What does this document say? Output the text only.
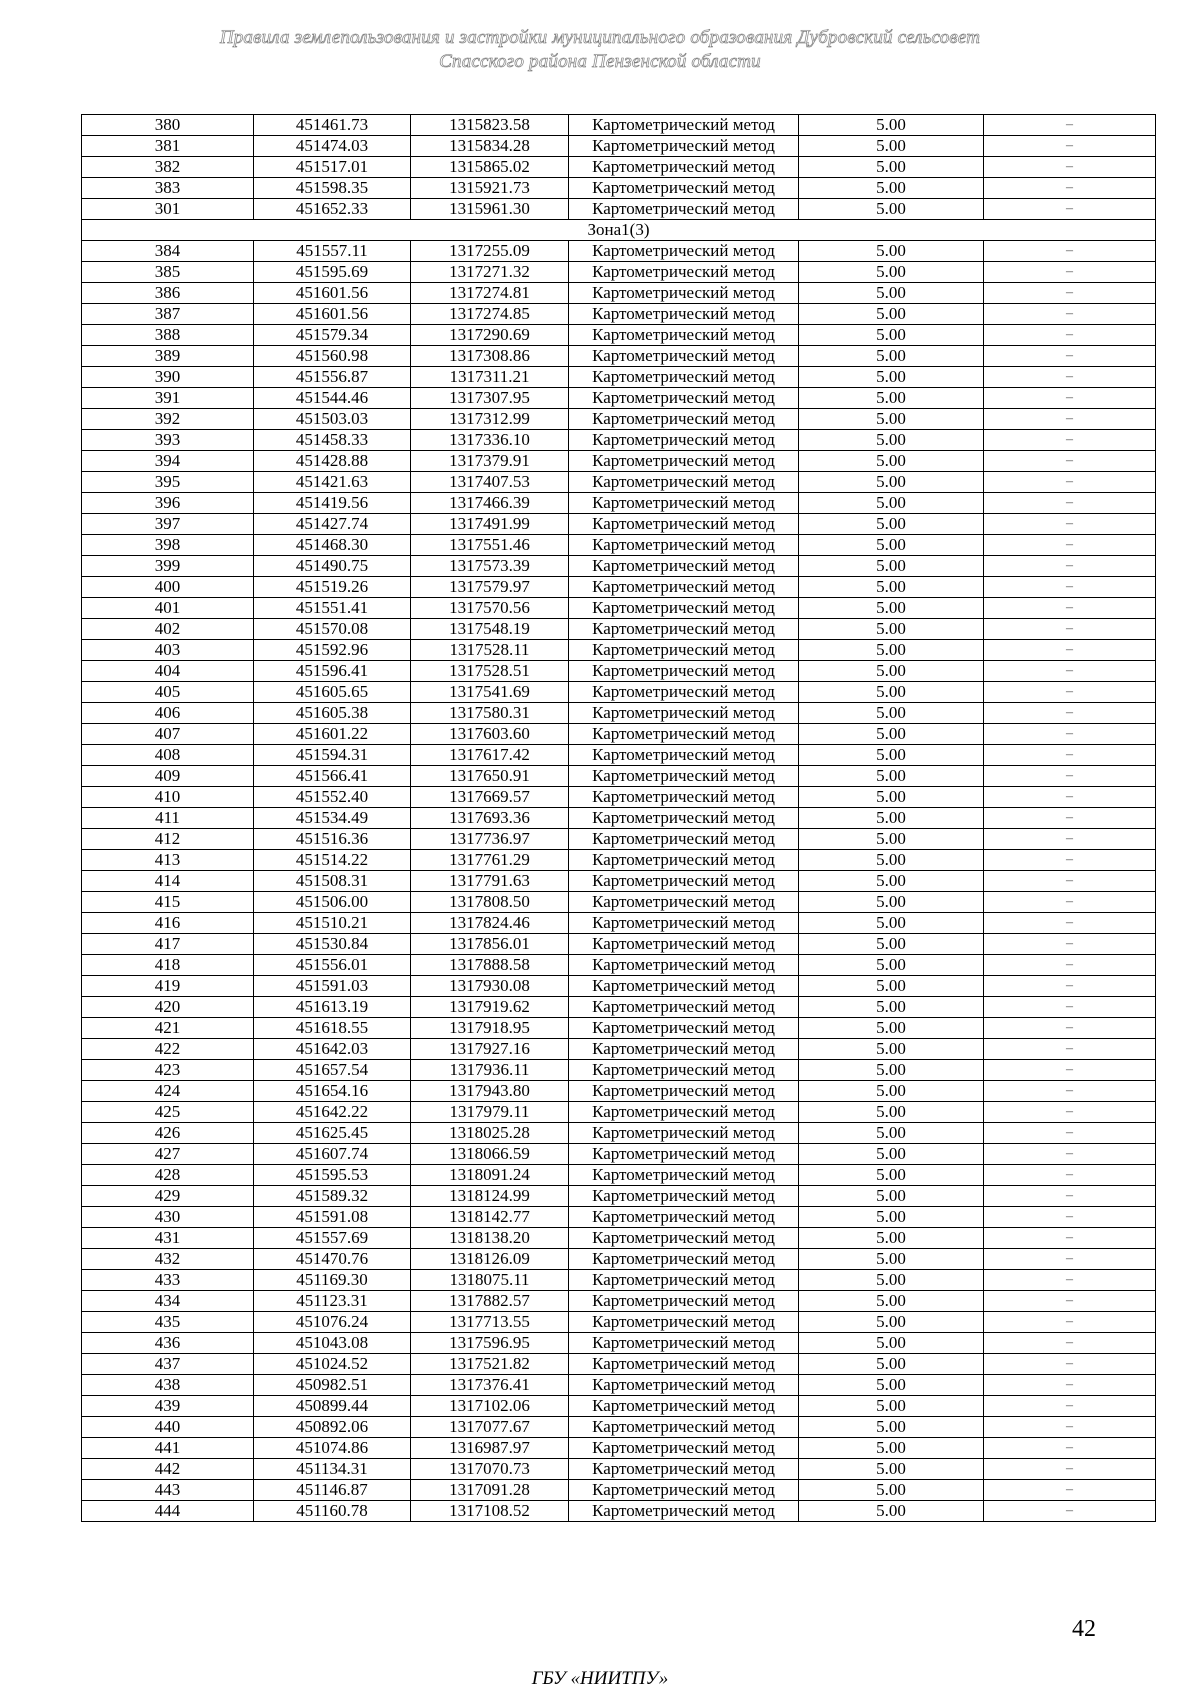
Правила землепользования и застройки муниципального образования Дубровский сельсовет
Спасского района Пензенской области
380	451461.73	1315823.58	Картометрический метод	5.00	–
381	451474.03	1315834.28	Картометрический метод	5.00	–
382	451517.01	1315865.02	Картометрический метод	5.00	–
383	451598.35	1315921.73	Картометрический метод	5.00	–
301	451652.33	1315961.30	Картометрический метод	5.00	–
Зона1(3)					
384	451557.11	1317255.09	Картометрический метод	5.00	–
385	451595.69	1317271.32	Картометрический метод	5.00	–
386	451601.56	1317274.81	Картометрический метод	5.00	–
387	451601.56	1317274.85	Картометрический метод	5.00	–
388	451579.34	1317290.69	Картометрический метод	5.00	–
389	451560.98	1317308.86	Картометрический метод	5.00	–
390	451556.87	1317311.21	Картометрический метод	5.00	–
391	451544.46	1317307.95	Картометрический метод	5.00	–
392	451503.03	1317312.99	Картометрический метод	5.00	–
393	451458.33	1317336.10	Картометрический метод	5.00	–
394	451428.88	1317379.91	Картометрический метод	5.00	–
395	451421.63	1317407.53	Картометрический метод	5.00	–
396	451419.56	1317466.39	Картометрический метод	5.00	–
397	451427.74	1317491.99	Картометрический метод	5.00	–
398	451468.30	1317551.46	Картометрический метод	5.00	–
399	451490.75	1317573.39	Картометрический метод	5.00	–
400	451519.26	1317579.97	Картометрический метод	5.00	–
401	451551.41	1317570.56	Картометрический метод	5.00	–
402	451570.08	1317548.19	Картометрический метод	5.00	–
403	451592.96	1317528.11	Картометрический метод	5.00	–
404	451596.41	1317528.51	Картометрический метод	5.00	–
405	451605.65	1317541.69	Картометрический метод	5.00	–
406	451605.38	1317580.31	Картометрический метод	5.00	–
407	451601.22	1317603.60	Картометрический метод	5.00	–
408	451594.31	1317617.42	Картометрический метод	5.00	–
409	451566.41	1317650.91	Картометрический метод	5.00	–
410	451552.40	1317669.57	Картометрический метод	5.00	–
411	451534.49	1317693.36	Картометрический метод	5.00	–
412	451516.36	1317736.97	Картометрический метод	5.00	–
413	451514.22	1317761.29	Картометрический метод	5.00	–
414	451508.31	1317791.63	Картометрический метод	5.00	–
415	451506.00	1317808.50	Картометрический метод	5.00	–
416	451510.21	1317824.46	Картометрический метод	5.00	–
417	451530.84	1317856.01	Картометрический метод	5.00	–
418	451556.01	1317888.58	Картометрический метод	5.00	–
419	451591.03	1317930.08	Картометрический метод	5.00	–
420	451613.19	1317919.62	Картометрический метод	5.00	–
421	451618.55	1317918.95	Картометрический метод	5.00	–
422	451642.03	1317927.16	Картометрический метод	5.00	–
423	451657.54	1317936.11	Картометрический метод	5.00	–
424	451654.16	1317943.80	Картометрический метод	5.00	–
425	451642.22	1317979.11	Картометрический метод	5.00	–
426	451625.45	1318025.28	Картометрический метод	5.00	–
427	451607.74	1318066.59	Картометрический метод	5.00	–
428	451595.53	1318091.24	Картометрический метод	5.00	–
429	451589.32	1318124.99	Картометрический метод	5.00	–
430	451591.08	1318142.77	Картометрический метод	5.00	–
431	451557.69	1318138.20	Картометрический метод	5.00	–
432	451470.76	1318126.09	Картометрический метод	5.00	–
433	451169.30	1318075.11	Картометрический метод	5.00	–
434	451123.31	1317882.57	Картометрический метод	5.00	–
435	451076.24	1317713.55	Картометрический метод	5.00	–
436	451043.08	1317596.95	Картометрический метод	5.00	–
437	451024.52	1317521.82	Картометрический метод	5.00	–
438	450982.51	1317376.41	Картометрический метод	5.00	–
439	450899.44	1317102.06	Картометрический метод	5.00	–
440	450892.06	1317077.67	Картометрический метод	5.00	–
441	451074.86	1316987.97	Картометрический метод	5.00	–
442	451134.31	1317070.73	Картометрический метод	5.00	–
443	451146.87	1317091.28	Картометрический метод	5.00	–
444	451160.78	1317108.52	Картометрический метод	5.00	–
42
ГБУ «НИИТПУ»
